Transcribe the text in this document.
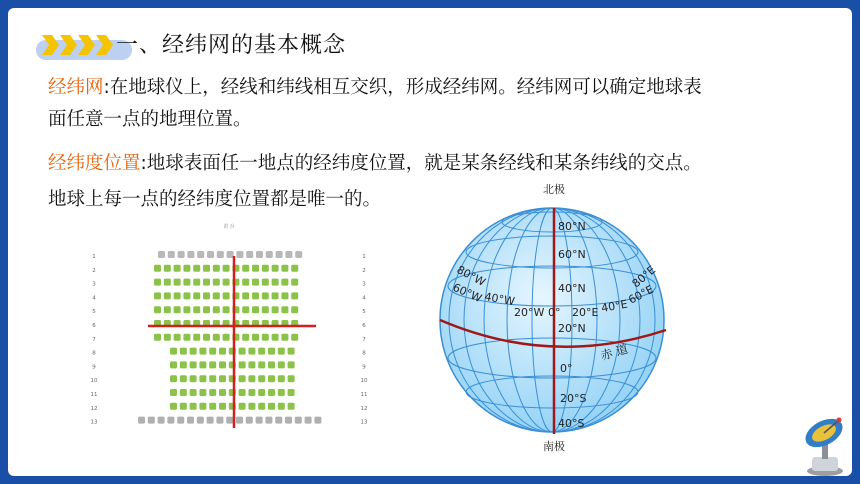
一、经纬网的基本概念
经纬网:在地球仪上，经线和纬线相互交织，形成经纬网。经纬网可以确定地球表
面任意一点的地理位置。
经纬度位置:地球表面任一地点的经纬度位置，就是某条经线和某条纬线的交点。
地球上每一点的经纬度位置都是唯一的。
讲 台
1	1
2	2
3	3
4	4
5	5
6	6
7	7
8	8
9	9
10	10
11	11
12	12
13	13
北极
80°N
60°N
40°N
20°N
0°
20°S
40°S
80°W
60°W 40°W
20°W 0° 20°E 40°E
60°E
80°E
赤 道
南极
